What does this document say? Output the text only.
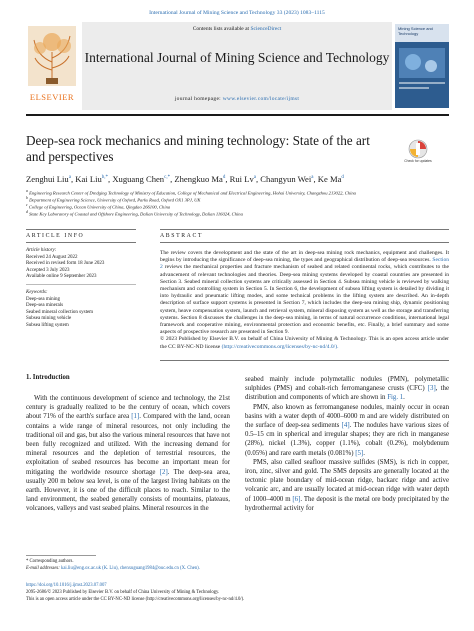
International Journal of Mining Science and Technology 33 (2023) 1083–1115
ELSEVIER
Contents lists available at ScienceDirect
International Journal of Mining Science and Technology
journal homepage: www.elsevier.com/locate/ijmst
Mining Science and Technology
Deep-sea rock mechanics and mining technology: State of the art and perspectives	Check for updates
Zenghui Liu$^a$, Kai Liu$^{b,*}$, Xuguang Chen$^{c,*}$, Zhengkuo Ma$^d$, Rui Lv$^a$, Changyun Wei$^a$, Ke Ma$^d$
$^a$ Engineering Research Center of Dredging Technology of Ministry of Education, College of Mechanical and Electrical Engineering, Hohai University, Changzhou 213022, China
$^b$ Department of Engineering Science, University of Oxford, Parks Road, Oxford OX1 3PJ, UK
$^c$ College of Engineering, Ocean University of China, Qingdao 266100, China
$^d$ State Key Laboratory of Coastal and Offshore Engineering, Dalian University of Technology, Dalian 116024, China
ARTICLE INFO	ABSTRACT
Article history:
Received 24 August 2022
Received in revised form 18 June 2023
Accepted 3 July 2023
Available online 9 September 2023
Keywords:
Deep-sea mining
Deep-sea minerals
Seabed mineral collection system
Subsea mining vehicle
Subsea lifting system

The review covers the development and the state of the art in deep-sea mining rock mechanics, equipment and challenges. It begins by introducing the significance of deep-sea mining, the types and geographical distribution of deep-sea resources. Section 2 reviews the mechanical properties and fracture mechanism of seabed and related continental rocks, which contributes to the advancement of relevant technologies and theories. Deep-sea mining systems developed by coastal countries are presented in Section 3. Seabed mineral collection systems are critically assessed in Section 4. Subsea mining vehicle is reviewed by walking mechanism and controlling system in Section 5. In Section 6, the development of subsea lifting system is detailed by dividing it into hydraulic and pneumatic lifting modes, and some technical problems in the lifting system are described. An in-depth description of surface support systems is presented in Section 7, which includes the deep-sea mining ship, dynamic positioning system, heave compensation system, launch and retrieval system, mineral disposing system as well as the storage and transferring systems. Section 8 discusses the challenges in the deep-sea mining, in terms of natural occurrence conditions, international legal framework and cooperative mining, environmental protection and economic benefits, etc. Finally, a brief summary and some aspects of prospective research are presented in Section 9.

© 2023 Published by Elsevier B.V. on behalf of China University of Mining & Technology. This is an open access article under the CC BY-NC-ND license (http://creativecommons.org/licenses/by-nc-nd/4.0/).

1. Introduction

With the continuous development of science and technology, the 21st century is gradually realized to be the century of ocean, which covers about 71% of the earth's surface area [1]. Compared with the land, ocean contains a wide range of mineral resources, not only including the traditional oil and gas, but also the various mineral resources that have not been fully recognized and utilized. With the increasing demand for mineral resources and the depletion of terrestrial resources, the exploitation of seabed resources has become an important mean for mitigating the worldwide resource shortage [2]. The deep-sea area, usually 200 m below sea level, is one of the largest living habitats on the earth. However, it is one of the difficult places to reach. Similar to the land environment, the seabed generally consists of mountains, plateaus, volcanoes, valleys and vast seabed plains. Mineral resources in the

seabed mainly include polymetallic nodules (PMN), polymetallic sulphides (PMS) and cobalt-rich ferromanganese crusts (CFC) [3], the distribution and components of which are shown in Fig. 1.

PMN, also known as ferromanganese nodules, mainly occur in ocean basins with a water depth of 4000–6000 m and are widely distributed on the surface of deep-sea sediments [4]. The nodules have various sizes of 0.5–15 cm in spherical and irregular shapes; they are rich in manganese (28%), nickel (1.3%), copper (1.1%), cobalt (0.2%), molybdenum (0.05%) and rare earth metals (0.081%) [5].

PMS, also called seafloor massive sulfides (SMS), is rich in copper, iron, zinc, silver and gold. The SMS deposits are generally located at the tectonic plate boundary of mid-ocean ridge, backarc ridge and active volcanic arc, and are usually located at mid-ocean ridge with water depth of 1000–4000 m [6]. The deposit is the metal ore body precipitated by the hydrothermal activity for

* Corresponding authors.
E-mail addresses: kai.liu@eng.ox.ac.uk (K. Liu), chenxuguang1984@ouc.edu.cn (X. Chen).
https://doi.org/10.1016/j.ijmst.2023.07.007
2095-2686/© 2023 Published by Elsevier B.V. on behalf of China University of Mining & Technology.
This is an open access article under the CC BY-NC-ND license (http://creativecommons.org/licenses/by-nc-nd/4.0/).
